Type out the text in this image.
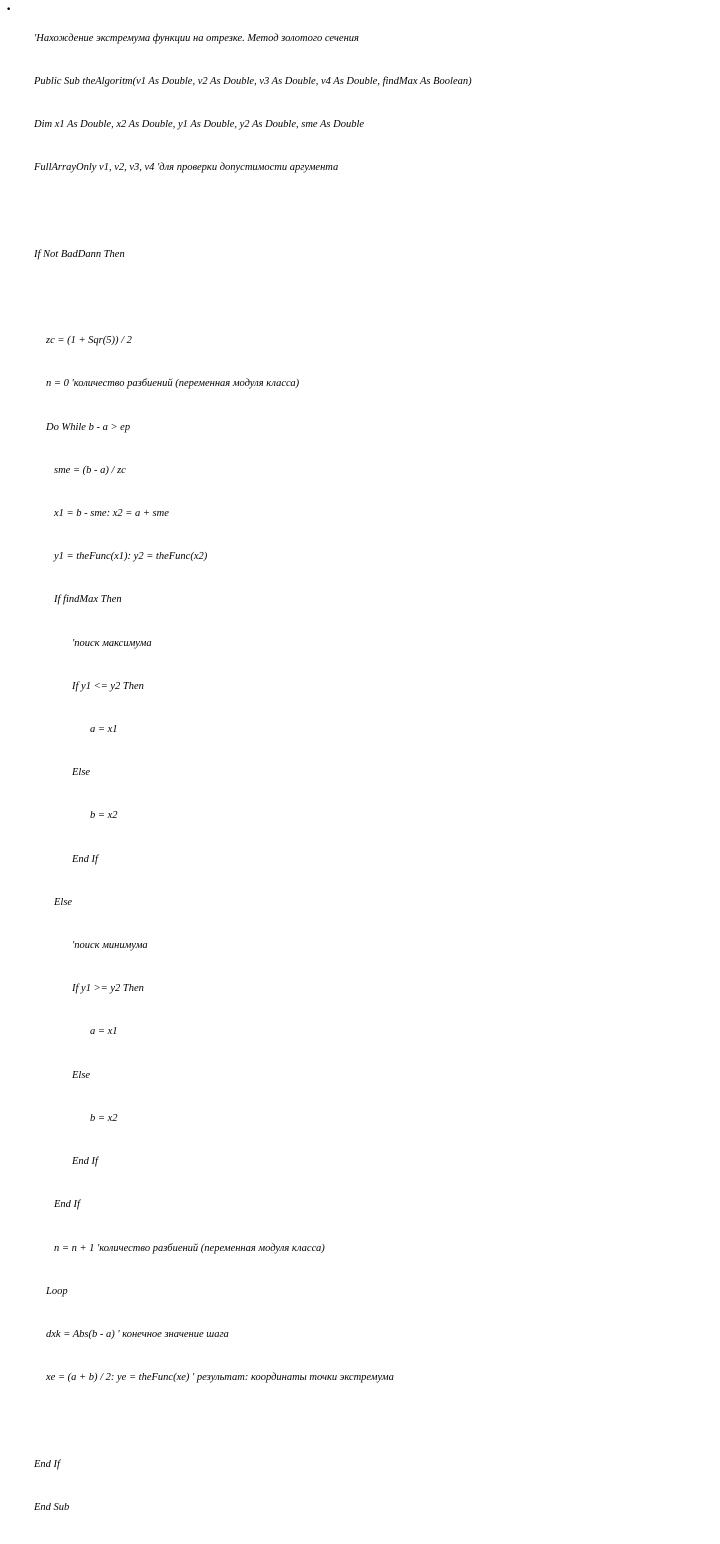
•

'Нахождение экстремума функции на отрезке. Метод золотого сечения

Public Sub theAlgoritm(v1 As Double, v2 As Double, v3 As Double, v4 As Double, findMax As Boolean)

Dim x1 As Double, x2 As Double, y1 As Double, y2 As Double, sme As Double

FullArrayOnly v1, v2, v3, v4 'для проверки допустимости аргумента

If Not BadDann Then

zc = (1 + Sqr(5)) / 2

n = 0 'количество разбиений (переменная модуля класса)

Do While b - a > ep

sme = (b - a) / zc

x1 = b - sme: x2 = a + sme

y1 = theFunc(x1): y2 = theFunc(x2)

If findMax Then

'поиск максимума

If y1 <= y2 Then

a = x1

Else

b = x2

End If

Else

'поиск минимума

If y1 >= y2 Then

a = x1

Else

b = x2

End If

End If

n = n + 1 'количество разбиений (переменная модуля класса)

Loop

dxk = Abs(b - a) ' конечное значение шага

xe = (a + b) / 2: ye = theFunc(xe) ' результат: координаты точки экстремума

End If

End Sub
